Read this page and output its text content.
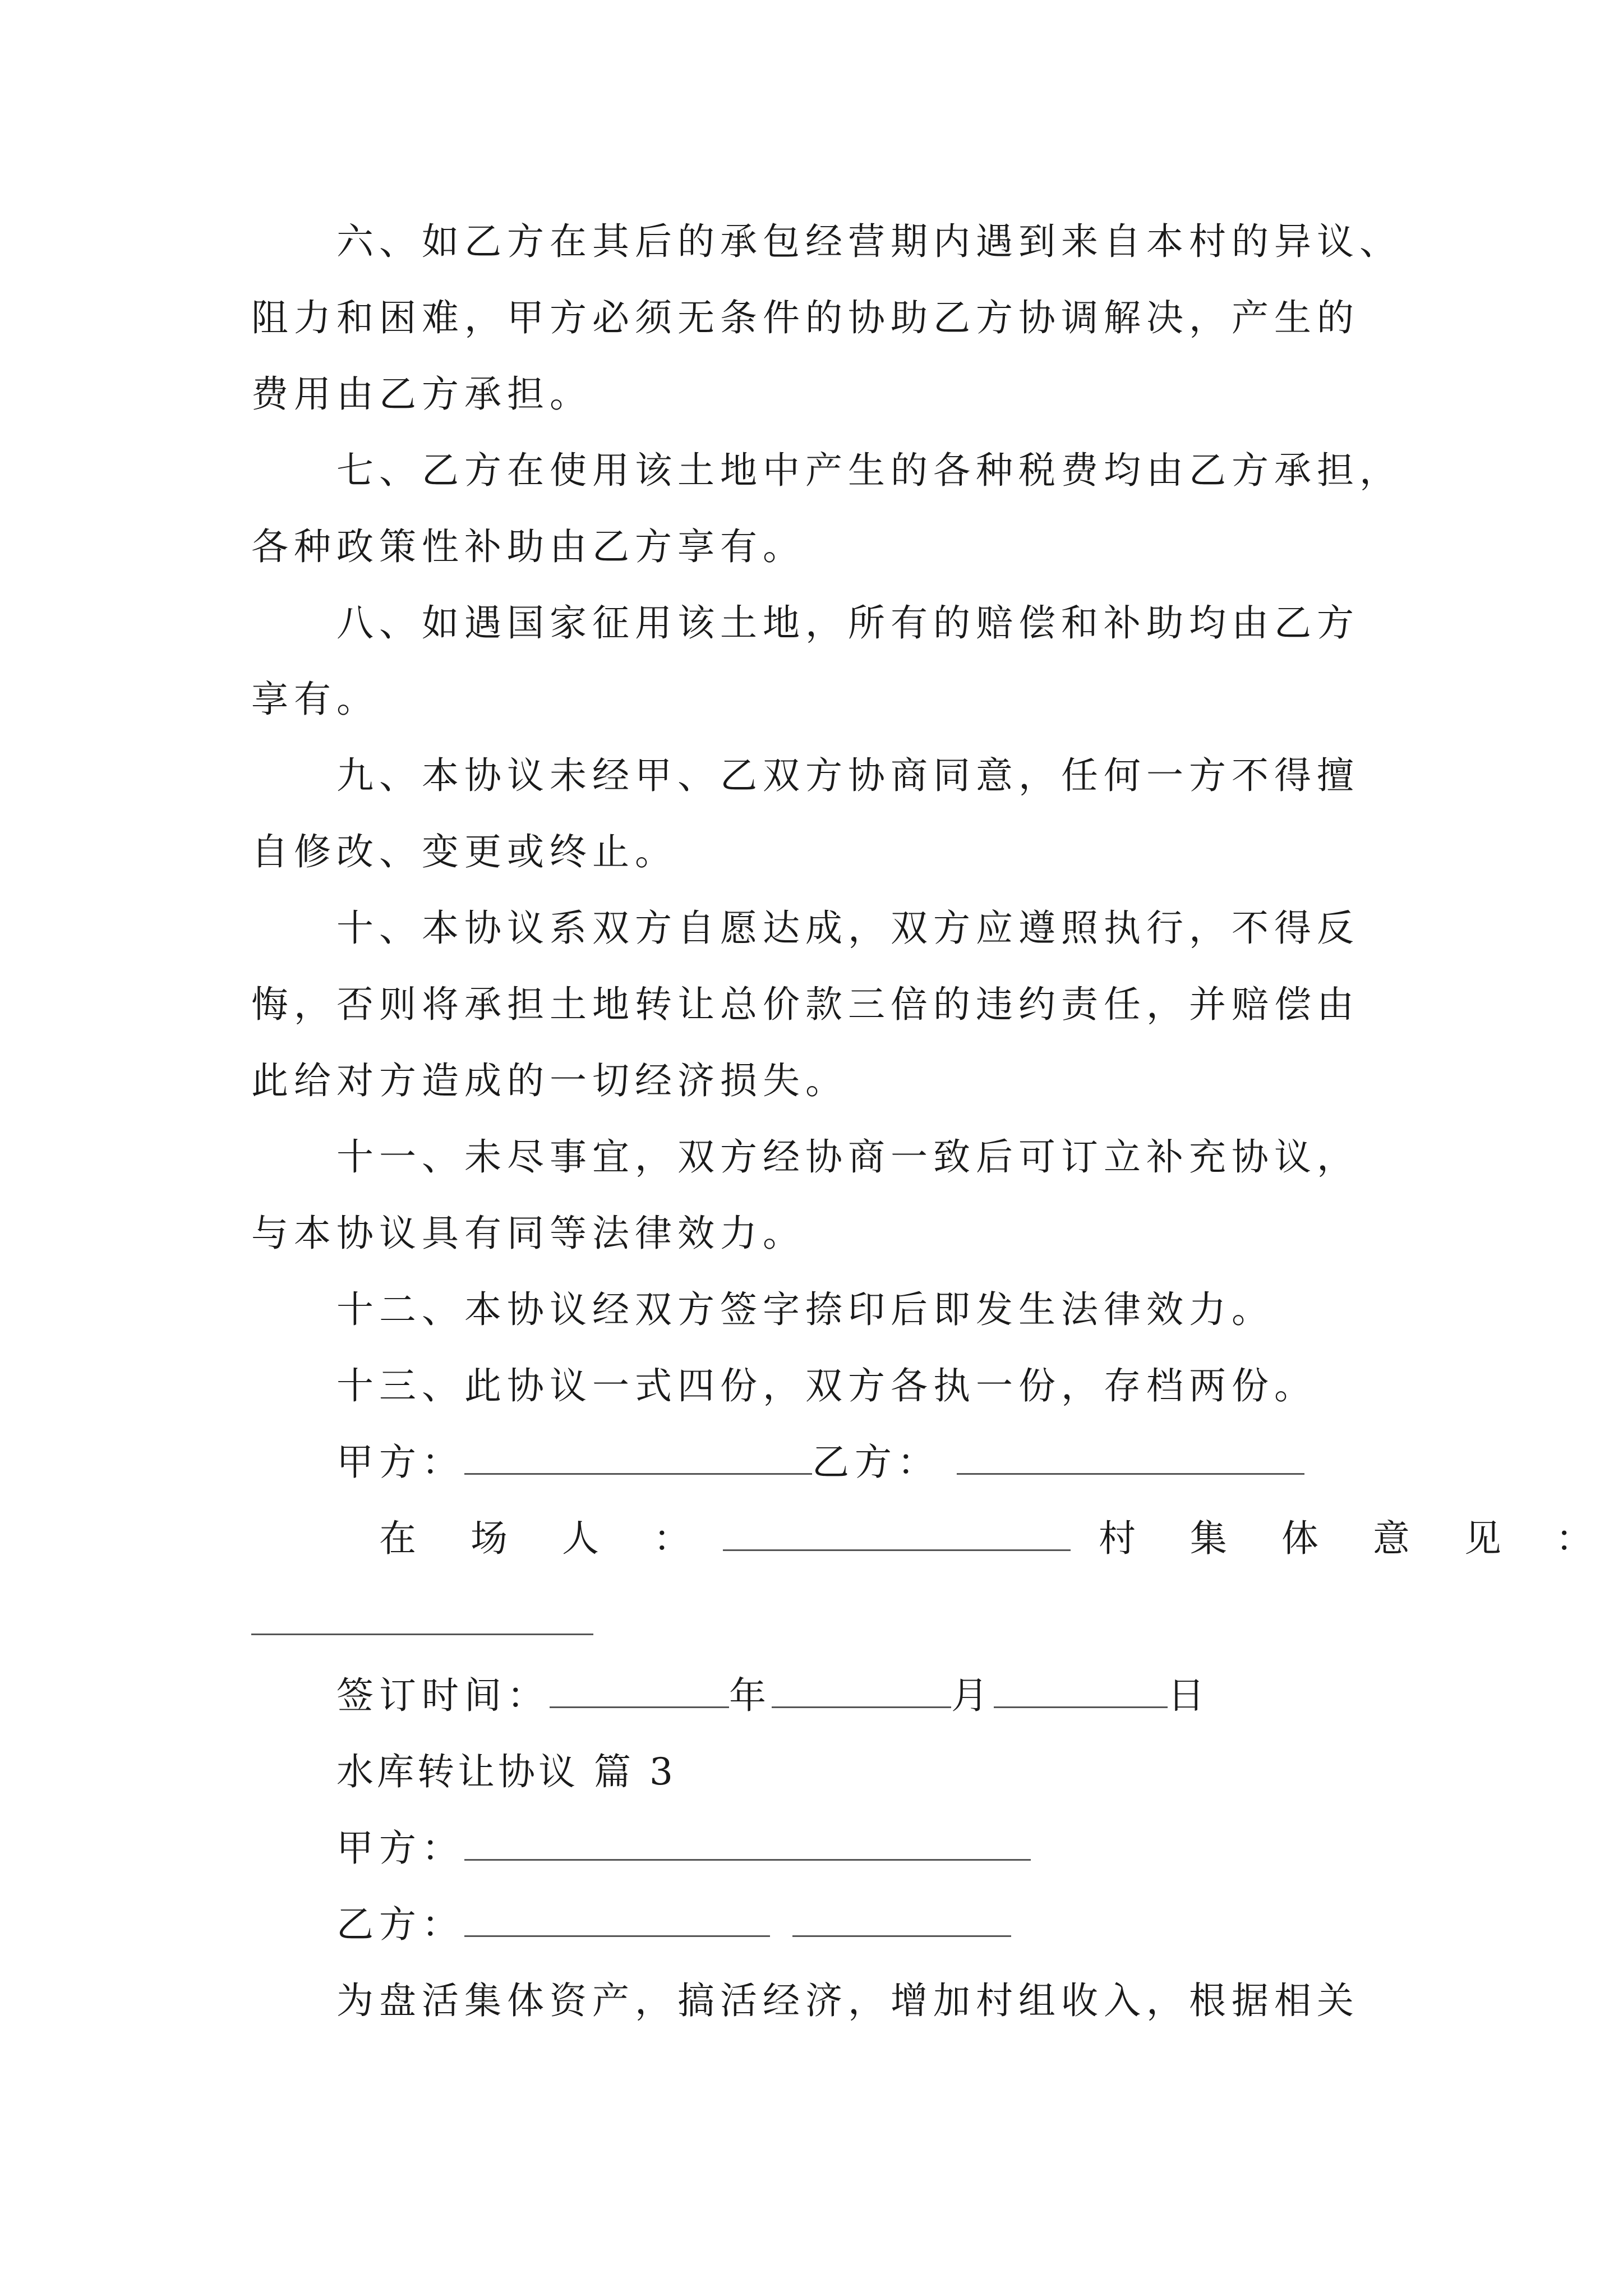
六、如乙方在其后的承包经营期内遇到来自本村的异议、
阻力和困难，甲方必须无条件的协助乙方协调解决，产生的
费用由乙方承担。
七、乙方在使用该土地中产生的各种税费均由乙方承担，
各种政策性补助由乙方享有。
八、如遇国家征用该土地，所有的赔偿和补助均由乙方
享有。
九、本协议未经甲、乙双方协商同意，任何一方不得擅
自修改、变更或终止。
十、本协议系双方自愿达成，双方应遵照执行，不得反
悔，否则将承担土地转让总价款三倍的违约责任，并赔偿由
此给对方造成的一切经济损失。
十一、未尽事宜，双方经协商一致后可订立补充协议，
与本协议具有同等法律效力。
十二、本协议经双方签字捺印后即发生法律效力。
十三、此协议一式四份，双方各执一份，存档两份。
甲方：	乙方：
在 场 人 ：	村 集 体 意 见 ：
签订时间：	年	月	日
水库转让协议 篇 3
甲方：
乙方：
为盘活集体资产，搞活经济，增加村组收入，根据相关
